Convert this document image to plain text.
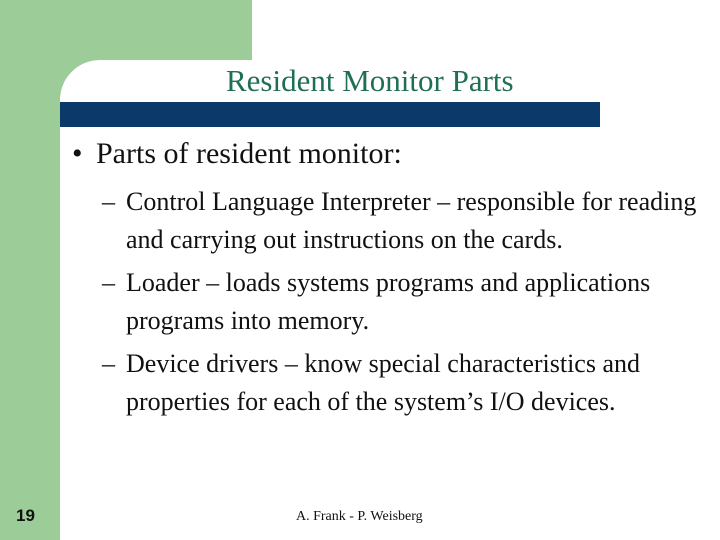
Resident Monitor Parts
• Parts of resident monitor:
– Control Language Interpreter – responsible for reading and carrying out instructions on the cards.
– Loader – loads systems programs and applications programs into memory.
– Device drivers – know special characteristics and properties for each of the system’s I/O devices.
19	A. Frank - P. Weisberg
